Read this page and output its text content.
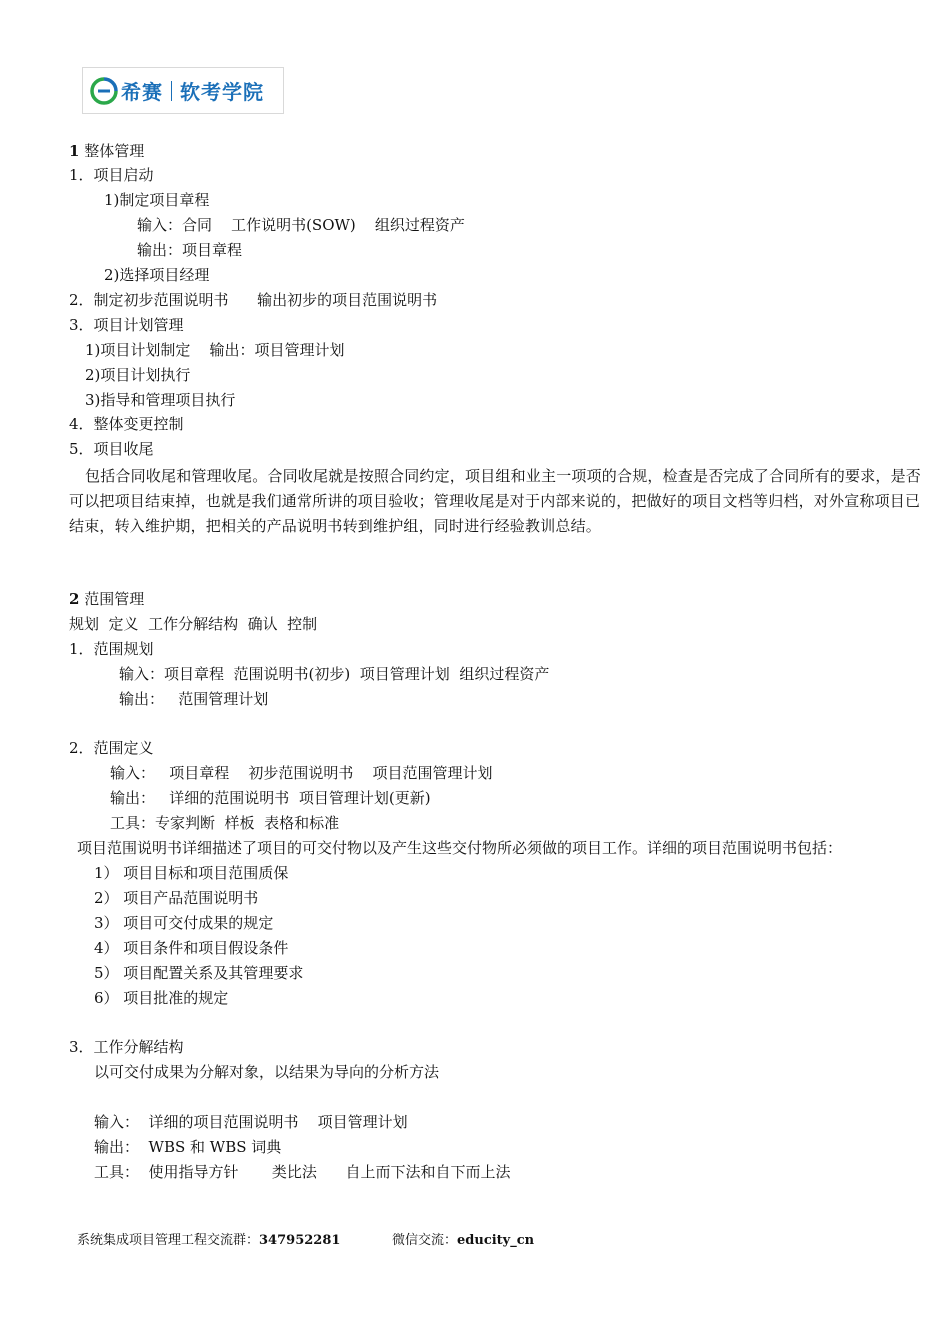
希赛 软考学院
1 整体管理
1．项目启动
1)制定项目章程
输入：合同    工作说明书(SOW)    组织过程资产
输出：项目章程
2)选择项目经理
2．制定初步范围说明书      输出初步的项目范围说明书
3．项目计划管理
1)项目计划制定    输出：项目管理计划
2)项目计划执行
3)指导和管理项目执行
4．整体变更控制
5．项目收尾
包括合同收尾和管理收尾。合同收尾就是按照合同约定，项目组和业主一项项的合规，检查是否完成了合同所有的要求，是否可以把项目结束掉，也就是我们通常所讲的项目验收；管理收尾是对于内部来说的，把做好的项目文档等归档，对外宣称项目已结束，转入维护期，把相关的产品说明书转到维护组，同时进行经验教训总结。
2 范围管理
规划  定义  工作分解结构  确认  控制
1．范围规划
输入：项目章程  范围说明书(初步)  项目管理计划  组织过程资产
输出：   范围管理计划
2．范围定义
输入：   项目章程    初步范围说明书    项目范围管理计划
输出：   详细的范围说明书  项目管理计划(更新)
工具：专家判断  样板  表格和标准
项目范围说明书详细描述了项目的可交付物以及产生这些交付物所必须做的项目工作。详细的项目范围说明书包括：
1） 项目目标和项目范围质保
2） 项目产品范围说明书
3） 项目可交付成果的规定
4） 项目条件和项目假设条件
5） 项目配置关系及其管理要求
6） 项目批准的规定
3．工作分解结构
以可交付成果为分解对象，以结果为导向的分析方法
输入：  详细的项目范围说明书    项目管理计划
输出：  WBS 和 WBS 词典
工具：  使用指导方针       类比法      自上而下法和自下而上法
系统集成项目管理工程交流群：347952281	微信交流：educity_cn
